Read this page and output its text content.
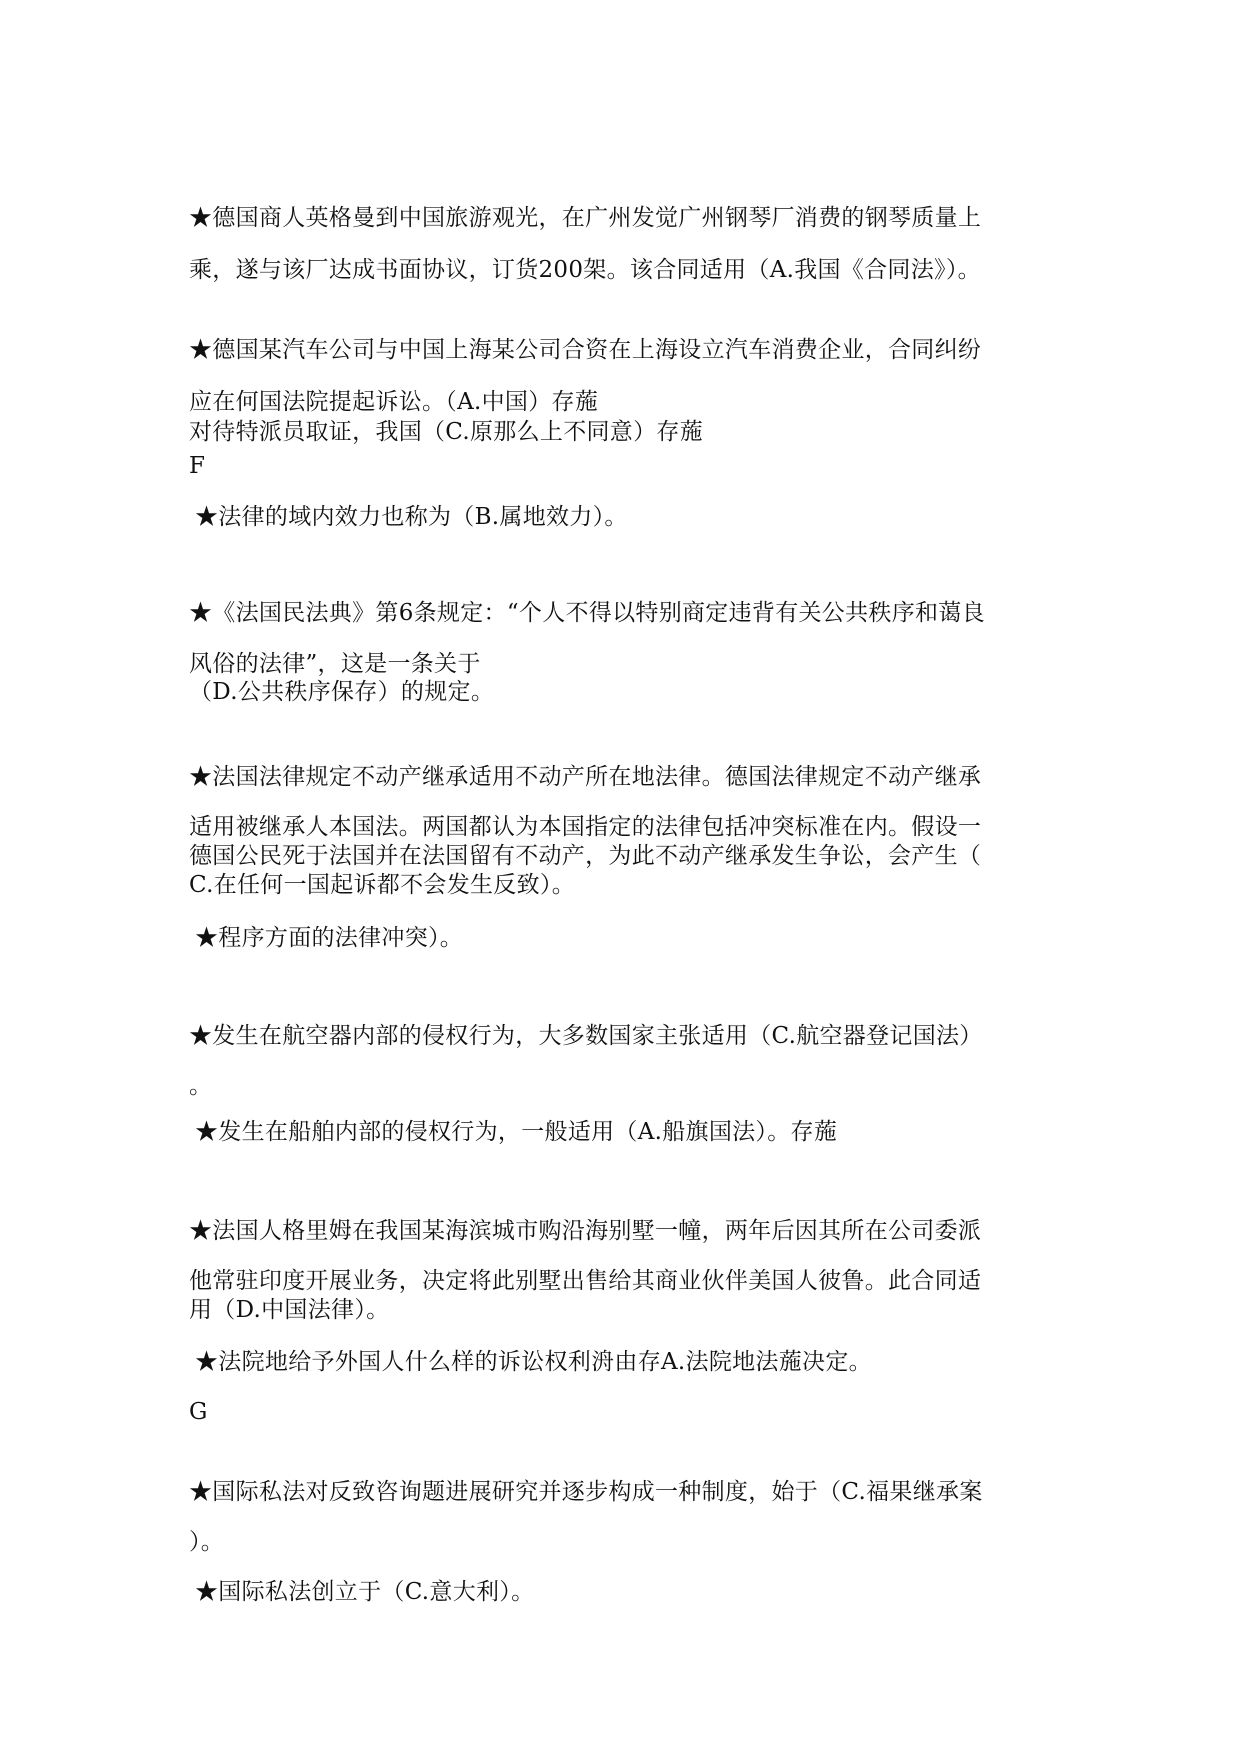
★德国商人英格曼到中国旅游观光，在广州发觉广州钢琴厂消费的钢琴质量上
乘，遂与该厂达成书面协议，订货200架。该合同适用（A.我国《合同法》）。
★德国某汽车公司与中国上海某公司合资在上海设立汽车消费企业，合同纠纷
应在何国法院提起诉讼。（A.中国）存葹
对待特派员取证，我国（C.原那么上不同意）存葹
F
★法律的域内效力也称为（B.属地效力）。
★《法国民法典》第6条规定：“个人不得以特别商定违背有关公共秩序和蔼良
风俗的法律”，这是一条关于
（D.公共秩序保存）的规定。
★法国法律规定不动产继承适用不动产所在地法律。德国法律规定不动产继承
适用被继承人本国法。两国都认为本国指定的法律包括冲突标准在内。假设一
德国公民死于法国并在法国留有不动产，为此不动产继承发生争讼，会产生（
C.在任何一国起诉都不会发生反致）。
★程序方面的法律冲突）。
★发生在航空器内部的侵权行为，大多数国家主张适用（C.航空器登记国法）
。
★发生在船舶内部的侵权行为，一般适用（A.船旗国法）。存葹
★法国人格里姆在我国某海滨城市购沿海别墅一幢，两年后因其所在公司委派
他常驻印度开展业务，决定将此别墅出售给其商业伙伴美国人彼鲁。此合同适
用（D.中国法律）。
★法院地给予外国人什么样的诉讼权利洀由存A.法院地法葹决定。
G
★国际私法对反致咨询题进展研究并逐步构成一种制度，始于（C.福果继承案
）。
★国际私法创立于（C.意大利）。
